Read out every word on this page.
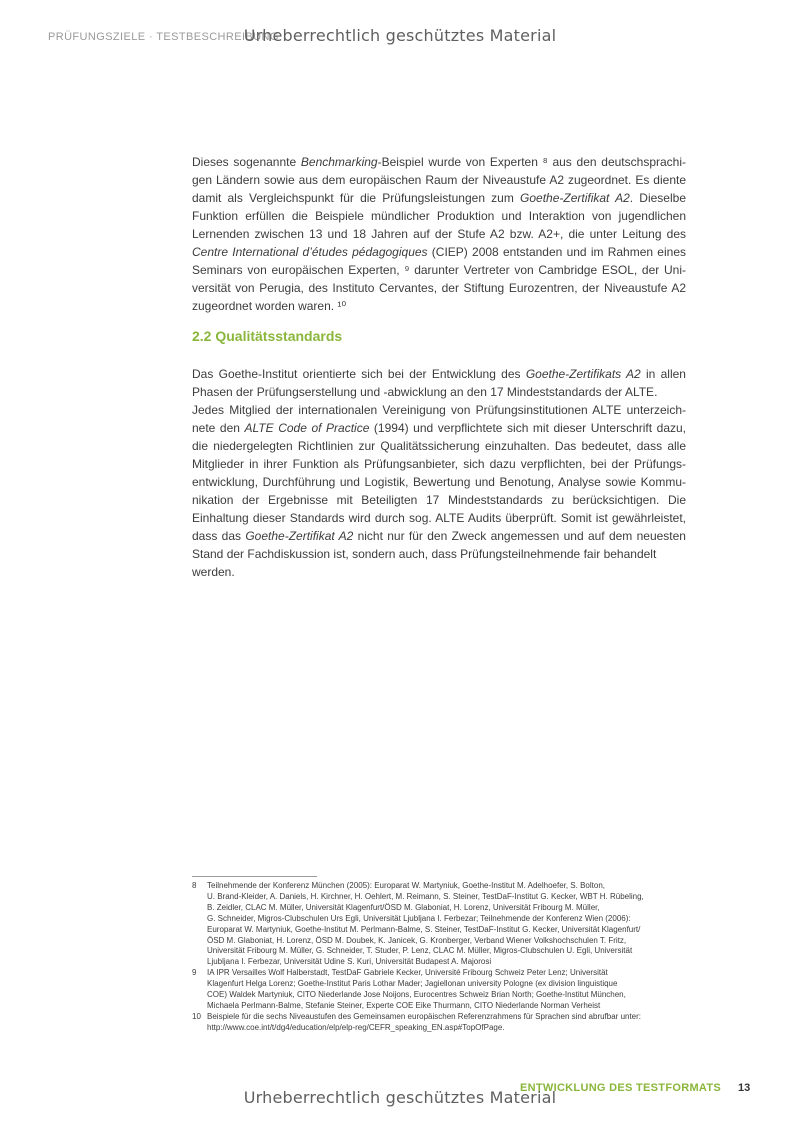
PRÜFUNGSZIELE · TESTBESCHREIBUNG
Urheberrechtlich geschütztes Material
Dieses sogenannte Benchmarking-Beispiel wurde von Experten ⁸ aus den deutschsprachi-
gen Ländern sowie aus dem europäischen Raum der Niveaustufe A2 zugeordnet. Es diente
damit als Vergleichspunkt für die Prüfungsleistungen zum Goethe-Zertifikat A2. Dieselbe
Funktion erfüllen die Beispiele mündlicher Produktion und Interaktion von jugendlichen
Lernenden zwischen 13 und 18 Jahren auf der Stufe A2 bzw. A2+, die unter Leitung des
Centre International d’études pédagogiques (CIEP) 2008 entstanden und im Rahmen eines
Seminars von europäischen Experten, ⁹ darunter Vertreter von Cambridge ESOL, der Uni-
versität von Perugia, des Instituto Cervantes, der Stiftung Eurozentren, der Niveaustufe A2
zugeordnet worden waren. ¹⁰
2.2 Qualitätsstandards
Das Goethe-Institut orientierte sich bei der Entwicklung des Goethe-Zertifikats A2 in allen
Phasen der Prüfungserstellung und -abwicklung an den 17 Mindeststandards der ALTE.
Jedes Mitglied der internationalen Vereinigung von Prüfungsinstitutionen ALTE unterzeich-
nete den ALTE Code of Practice (1994) und verpflichtete sich mit dieser Unterschrift dazu,
die niedergelegten Richtlinien zur Qualitätssicherung einzuhalten. Das bedeutet, dass alle
Mitglieder in ihrer Funktion als Prüfungsanbieter, sich dazu verpflichten, bei der Prüfungs-
entwicklung, Durchführung und Logistik, Bewertung und Benotung, Analyse sowie Kommu-
nikation der Ergebnisse mit Beteiligten 17 Mindeststandards zu berücksichtigen. Die
Einhaltung dieser Standards wird durch sog. ALTE Audits überprüft. Somit ist gewährleistet,
dass das Goethe-Zertifikat A2 nicht nur für den Zweck angemessen und auf dem neuesten
Stand der Fachdiskussion ist, sondern auch, dass Prüfungsteilnehmende fair behandelt
werden.
8 Teilnehmende der Konferenz München (2005): Europarat W. Martyniuk, Goethe-Institut M. Adelhoefer, S. Bolton,
U. Brand-Kleider, A. Daniels, H. Kirchner, H. Oehlert, M. Reimann, S. Steiner, TestDaF-Institut G. Kecker, WBT H. Rübeling,
B. Zeidler, CLAC M. Müller, Universität Klagenfurt/ÖSD M. Glaboniat, H. Lorenz, Universität Fribourg M. Müller,
G. Schneider, Migros-Clubschulen Urs Egli, Universität Ljubljana I. Ferbezar; Teilnehmende der Konferenz Wien (2006):
Europarat W. Martyniuk, Goethe-Institut M. Perlmann-Balme, S. Steiner, TestDaF-Institut G. Kecker, Universität Klagenfurt/
ÖSD M. Glaboniat, H. Lorenz, ÖSD M. Doubek, K. Janicek, G. Kronberger, Verband Wiener Volkshochschulen T. Fritz,
Universität Fribourg M. Müller, G. Schneider, T. Studer, P. Lenz, CLAC M. Müller, Migros-Clubschulen U. Egli, Universität
Ljubljana I. Ferbezar, Universität Udine S. Kuri, Universität Budapest A. Majorosi
9 IA IPR Versailles Wolf Halberstadt, TestDaF Gabriele Kecker, Université Fribourg Schweiz Peter Lenz; Universität
Klagenfurt Helga Lorenz; Goethe-Institut Paris Lothar Mader; Jagiellonan university Pologne (ex division linguistique
COE) Waldek Martyniuk, CITO Niederlande Jose Noijons, Eurocentres Schweiz Brian North; Goethe-Institut München,
Michaela Perlmann-Balme, Stefanie Steiner, Experte COE Eike Thurmann, CITO Niederlande Norman Verheist
10 Beispiele für die sechs Niveaustufen des Gemeinsamen europäischen Referenzrahmens für Sprachen sind abrufbar unter:
http://www.coe.int/t/dg4/education/elp/elp-reg/CEFR_speaking_EN.asp#TopOfPage.
ENTWICKLUNG DES TESTFORMATS 13
Urheberrechtlich geschütztes Material
